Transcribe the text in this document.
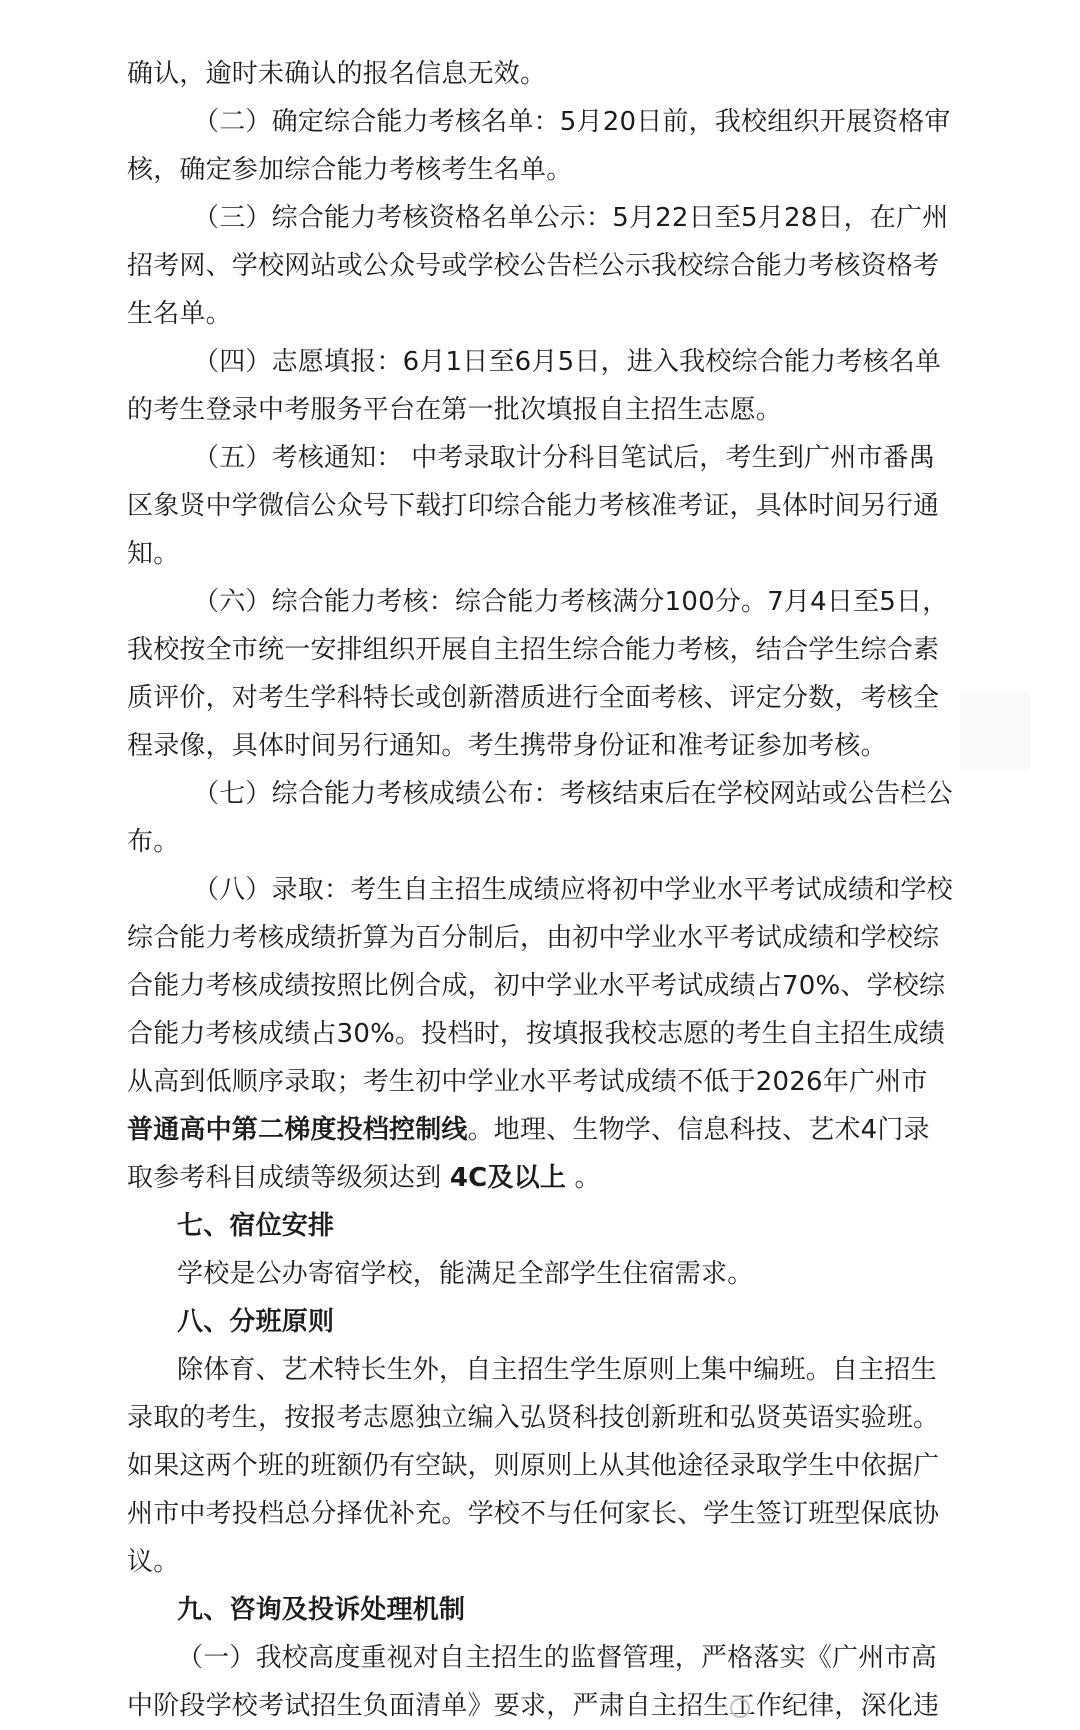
确认，逾时未确认的报名信息无效。
（二）确定综合能力考核名单：5月20日前，我校组织开展资格审
核，确定参加综合能力考核考生名单。
（三）综合能力考核资格名单公示：5月22日至5月28日，在广州
招考网、学校网站或公众号或学校公告栏公示我校综合能力考核资格考
生名单。
（四）志愿填报：6月1日至6月5日，进入我校综合能力考核名单
的考生登录中考服务平台在第一批次填报自主招生志愿。
（五）考核通知： 中考录取计分科目笔试后，考生到广州市番禺
区象贤中学微信公众号下载打印综合能力考核准考证，具体时间另行通
知。
（六）综合能力考核：综合能力考核满分100分。7月4日至5日，
我校按全市统一安排组织开展自主招生综合能力考核，结合学生综合素
质评价，对考生学科特长或创新潜质进行全面考核、评定分数，考核全
程录像，具体时间另行通知。考生携带身份证和准考证参加考核。
（七）综合能力考核成绩公布：考核结束后在学校网站或公告栏公
布。
（八）录取：考生自主招生成绩应将初中学业水平考试成绩和学校
综合能力考核成绩折算为百分制后，由初中学业水平考试成绩和学校综
合能力考核成绩按照比例合成，初中学业水平考试成绩占70%、学校综
合能力考核成绩占30%。投档时，按填报我校志愿的考生自主招生成绩
从高到低顺序录取；考生初中学业水平考试成绩不低于2026年广州市
普通高中第二梯度投档控制线。地理、生物学、信息科技、艺术4门录
取参考科目成绩等级须达到 4C及以上 。
七、宿位安排
学校是公办寄宿学校，能满足全部学生住宿需求。
八、分班原则
除体育、艺术特长生外，自主招生学生原则上集中编班。自主招生
录取的考生，按报考志愿独立编入弘贤科技创新班和弘贤英语实验班。
如果这两个班的班额仍有空缺，则原则上从其他途径录取学生中依据广
州市中考投档总分择优补充。学校不与任何家长、学生签订班型保底协
议。
九、咨询及投诉处理机制
（一）我校高度重视对自主招生的监督管理，严格落实《广州市高
中阶段学校考试招生负面清单》要求，严肃自主招生工作纪律，深化违
